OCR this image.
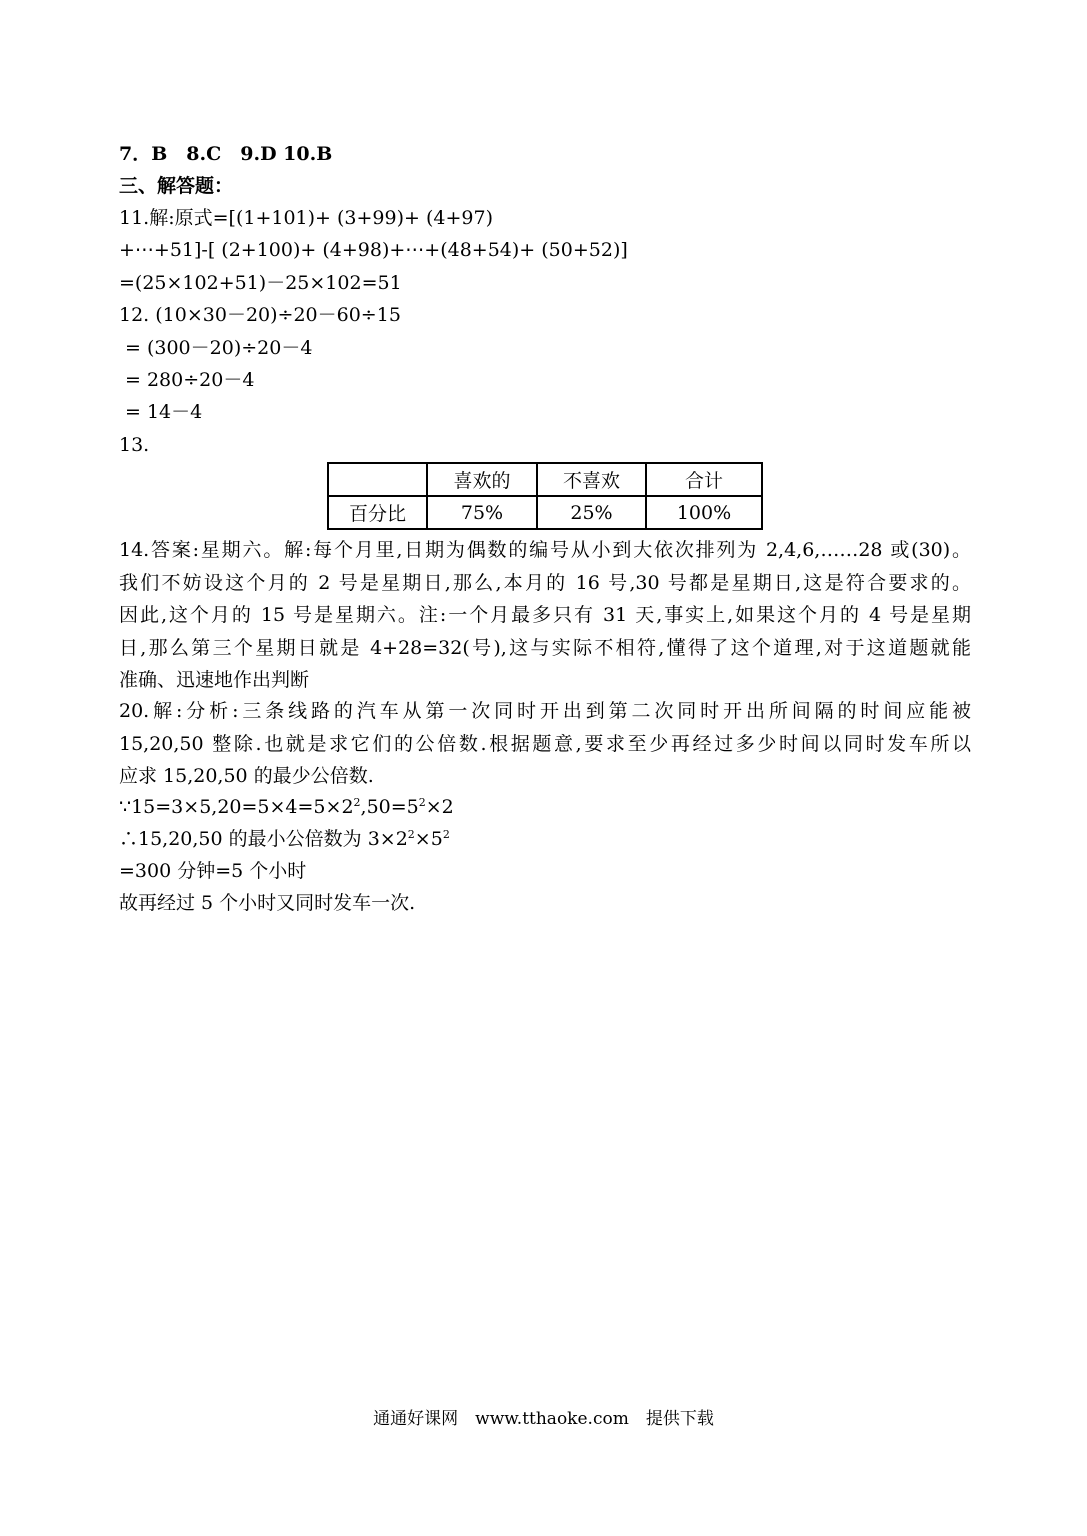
7．B　8.C　9.D 10.B
三、解答题：
11.解:原式=[(1+101)+ (3+99)+ (4+97)
+⋯+51]-[ (2+100)+ (4+98)+⋯+(48+54)+ (50+52)]
=(25×102+51)－25×102=51
12. (10×30－20)÷20－60÷15
= (300－20)÷20－4
= 280÷20－4
= 14－4
13.
	喜欢的	不喜欢	合计
百分比	75%	25%	100%
14.答案:星期六。解:每个月里,日期为偶数的编号从小到大依次排列为 2,4,6,……28 或(30)。
我们不妨设这个月的 2 号是星期日,那么,本月的 16 号,30 号都是星期日,这是符合要求的。
因此,这个月的 15 号是星期六。注:一个月最多只有 31 天,事实上,如果这个月的 4 号是星期
日,那么第三个星期日就是 4+28=32(号),这与实际不相符,懂得了这个道理,对于这道题就能
准确、迅速地作出判断
20.解:分析:三条线路的汽车从第一次同时开出到第二次同时开出所间隔的时间应能被
15,20,50 整除.也就是求它们的公倍数.根据题意,要求至少再经过多少时间以同时发车所以
应求 15,20,50 的最少公倍数.
$\because 15=3\times 5,20=5\times 4=5\times 2^2,50=5^2\times 2$
∴15,20,50 的最小公倍数为 $3\times 2^2\times 5^2$
=300 分钟=5 个小时
故再经过 5 个小时又同时发车一次.
通通好课网　www.tthaoke.com　提供下载
